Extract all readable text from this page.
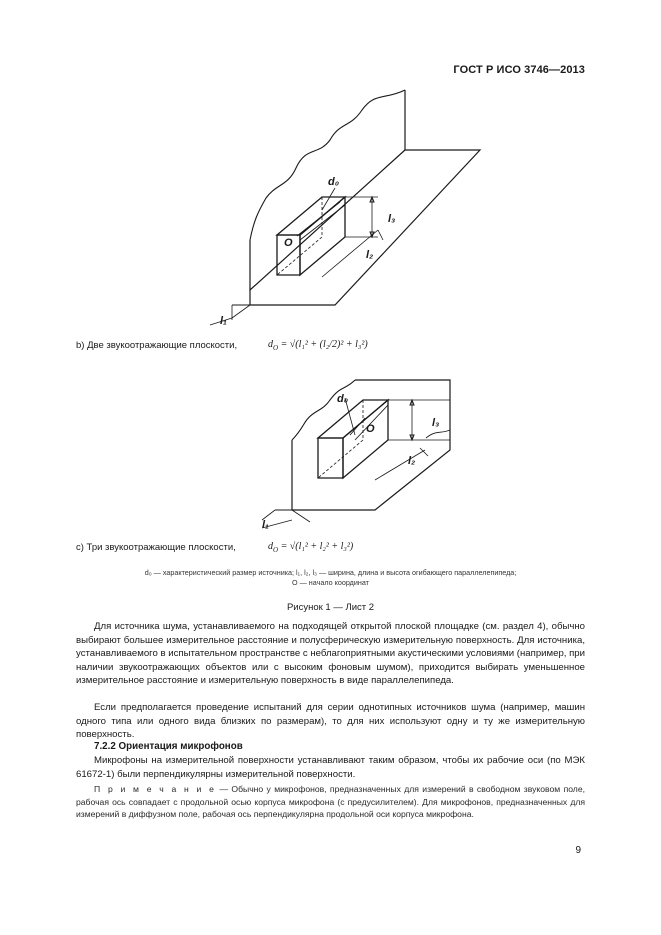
ГОСТ Р ИСО 3746—2013
d₀
l₃
l₂
l₁
O
b) Две звукоотражающие плоскости,	$d_O = √(l_1^2 + (l_2/2)^2 + l_3^2)$
d₀
l₃
l₂
l₁
O
c) Три звукоотражающие плоскости,	$d_O = √(l_1^2 + l_2^2 + l_3^2)$
d₀ — характеристический размер источника; l₁, l₂, l₃ — ширина, длина и высота огибающего параллелепипеда;
О — начало координат
Рисунок 1 — Лист 2
Для источника шума, устанавливаемого на подходящей открытой плоской площадке (см. раздел 4), обычно выбирают большее измерительное расстояние и полусферическую измерительную поверхность. Для источника, устанавливаемого в испытательном пространстве с неблагоприятными акустическими условиями (например, при наличии звукоотражающих объектов или с высоким фоновым шумом), приходится выбирать уменьшенное измерительное расстояние и измерительную поверхность в виде параллелепипеда.
Если предполагается проведение испытаний для серии однотипных источников шума (например, машин одного типа или одного вида близких по размерам), то для них используют одну и ту же измерительную поверхность.
7.2.2 Ориентация микрофонов
Микрофоны на измерительной поверхности устанавливают таким образом, чтобы их рабочие оси (по МЭК 61672-1) были перпендикулярны измерительной поверхности.
П р и м е ч а н и е — Обычно у микрофонов, предназначенных для измерений в свободном звуковом поле, рабочая ось совпадает с продольной осью корпуса микрофона (с предусилителем). Для микрофонов, предназначенных для измерений в диффузном поле, рабочая ось перпендикулярна продольной оси корпуса микрофона.
9
